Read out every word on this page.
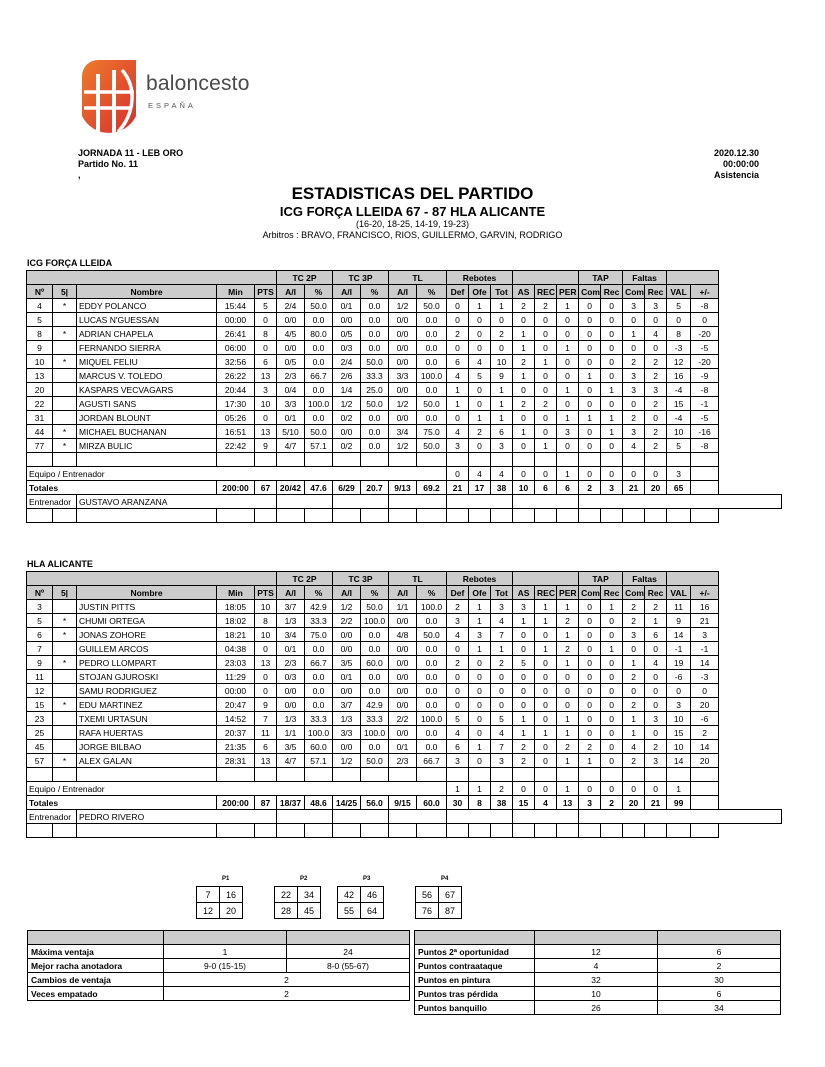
baloncesto
ESPAÑA
JORNADA 11 - LEB ORO
Partido No. 11
,
2020.12.30
00:00:00
Asistencia
ESTADISTICAS DEL PARTIDO
ICG FORÇA LLEIDA 67 - 87 HLA ALICANTE
(16-20, 18-25, 14-19, 19-23)
Arbitros : BRAVO, FRANCISCO, RIOS, GUILLERMO, GARVIN, RODRIGO
ICG FORÇA LLEIDA
					TC 2P		TC 3P		TL		Rebotes						TAP		Faltas			
Nº	5|	Nombre	Min	PTS	A/I	%	A/I	%	A/I	%	Def	Ofe	Tot	AS	REC	PER	Com	Rec	Com	Rec	VAL	+/-
4	*	EDDY POLANCO	15:44	5	2/4	50.0	0/1	0.0	1/2	50.0	0	1	1	2	2	1	0	0	3	3	5	-8
5		LUCAS N'GUESSAN	00:00	0	0/0	0.0	0/0	0.0	0/0	0.0	0	0	0	0	0	0	0	0	0	0	0	0
8	*	ADRIAN CHAPELA	26:41	8	4/5	80.0	0/5	0.0	0/0	0.0	2	0	2	1	0	0	0	0	1	4	8	-20
9		FERNANDO SIERRA	06:00	0	0/0	0.0	0/3	0.0	0/0	0.0	0	0	0	1	0	1	0	0	0	0	-3	-5
10	*	MIQUEL FELIU	32:56	6	0/5	0.0	2/4	50.0	0/0	0.0	6	4	10	2	1	0	0	0	2	2	12	-20
13		MARCUS V. TOLEDO	26:22	13	2/3	66.7	2/6	33.3	3/3	100.0	4	5	9	1	0	0	1	0	3	2	16	-9
20		KASPARS VECVAGARS	20:44	3	0/4	0.0	1/4	25.0	0/0	0.0	1	0	1	0	0	1	0	1	3	3	-4	-8
22		AGUSTI SANS	17:30	10	3/3	100.0	1/2	50.0	1/2	50.0	1	0	1	2	2	0	0	0	0	2	15	-1
31		JORDAN BLOUNT	05:26	0	0/1	0.0	0/2	0.0	0/0	0.0	0	1	1	0	0	1	1	1	2	0	-4	-5
44	*	MICHAEL BUCHANAN	16:51	13	5/10	50.0	0/0	0.0	3/4	75.0	4	2	6	1	0	3	0	1	3	2	10	-16
77	*	MIRZA BULIC	22:42	9	4/7	57.1	0/2	0.0	1/2	50.0	3	0	3	0	1	0	0	0	4	2	5	-8

Equipo / Entrenador											0	4	4	0	0	1	0	0	0	0	3	
Totales			200:00	67	20/42	47.6	6/29	20.7	9/13	69.2	21	17	38	10	6	6	2	3	21	20	65	
Entrenador		GUSTAVO ARANZANA																				

HLA ALICANTE
					TC 2P		TC 3P		TL		Rebotes						TAP		Faltas			
Nº	5|	Nombre	Min	PTS	A/I	%	A/I	%	A/I	%	Def	Ofe	Tot	AS	REC	PER	Com	Rec	Com	Rec	VAL	+/-
3		JUSTIN PITTS	18:05	10	3/7	42.9	1/2	50.0	1/1	100.0	2	1	3	3	1	1	0	1	2	2	11	16
5	*	CHUMI ORTEGA	18:02	8	1/3	33.3	2/2	100.0	0/0	0.0	3	1	4	1	1	2	0	0	2	1	9	21
6	*	JONAS ZOHORE	18:21	10	3/4	75.0	0/0	0.0	4/8	50.0	4	3	7	0	0	1	0	0	3	6	14	3
7		GUILLEM ARCOS	04:38	0	0/1	0.0	0/0	0.0	0/0	0.0	0	1	1	0	1	2	0	1	0	0	-1	-1
9	*	PEDRO LLOMPART	23:03	13	2/3	66.7	3/5	60.0	0/0	0.0	2	0	2	5	0	1	0	0	1	4	19	14
11		STOJAN GJUROSKI	11:29	0	0/3	0.0	0/1	0.0	0/0	0.0	0	0	0	0	0	0	0	0	2	0	-6	-3
12		SAMU RODRIGUEZ	00:00	0	0/0	0.0	0/0	0.0	0/0	0.0	0	0	0	0	0	0	0	0	0	0	0	0
15	*	EDU MARTINEZ	20:47	9	0/0	0.0	3/7	42.9	0/0	0.0	0	0	0	0	0	0	0	0	2	0	3	20
23		TXEMI URTASUN	14:52	7	1/3	33.3	1/3	33.3	2/2	100.0	5	0	5	1	0	1	0	0	1	3	10	-6
25		RAFA HUERTAS	20:37	11	1/1	100.0	3/3	100.0	0/0	0.0	4	0	4	1	1	1	0	0	1	0	15	2
45		JORGE BILBAO	21:35	6	3/5	60.0	0/0	0.0	0/1	0.0	6	1	7	2	0	2	2	0	4	2	10	14
57	*	ALEX GALAN	28:31	13	4/7	57.1	1/2	50.0	2/3	66.7	3	0	3	2	0	1	1	0	2	3	14	20

Equipo / Entrenador											1	1	2	0	0	1	0	0	0	0	1	
Totales			200:00	87	18/37	48.6	14/25	56.0	9/15	60.0	30	8	38	15	4	13	3	2	20	21	99	
Entrenador		PEDRO RIVERO																				

P1
7	16
12	20
P2
22	34
28	45
P3
42	46
55	64
P4
56	67
76	87

Máxima ventaja	1	24
Mejor racha anotadora	9-0 (15-15)	8-0 (55-67)
Cambios de ventaja	2	
Veces empatado	2	

Puntos 2ª oportunidad	12	6
Puntos contraataque	4	2
Puntos en pintura	32	30
Puntos tras pérdida	10	6
Puntos banquillo	26	34
